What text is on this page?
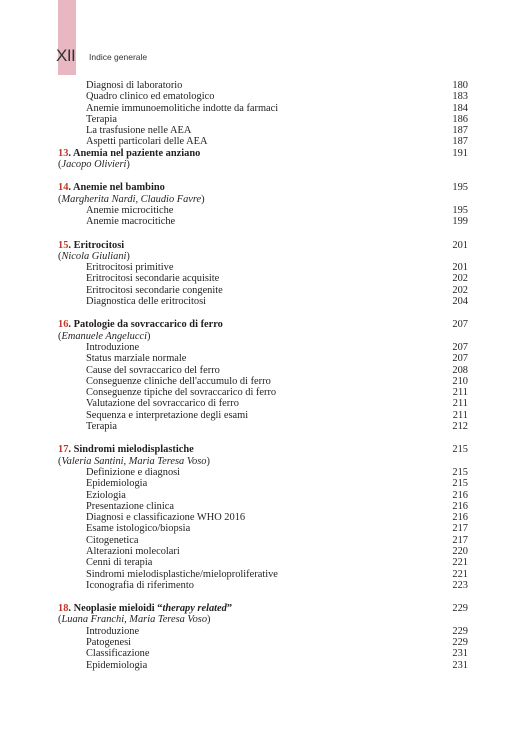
XII Indice generale
Diagnosi di laboratorio	180
Quadro clinico ed ematologico	183
Anemie immunoemolitiche indotte da farmaci	184
Terapia	186
La trasfusione nelle AEA	187
Aspetti particolari delle AEA	187
13. Anemia nel paziente anziano	191
(Jacopo Olivieri)
14. Anemie nel bambino	195
(Margherita Nardi, Claudio Favre)
Anemie microcitiche	195
Anemie macrocitiche	199
15. Eritrocitosi	201
(Nicola Giuliani)
Eritrocitosi primitive	201
Eritrocitosi secondarie acquisite	202
Eritrocitosi secondarie congenite	202
Diagnostica delle eritrocitosi	204
16. Patologie da sovraccarico di ferro	207
(Emanuele Angelucci)
Introduzione	207
Status marziale normale	207
Cause del sovraccarico del ferro	208
Conseguenze cliniche dell'accumulo di ferro	210
Conseguenze tipiche del sovraccarico di ferro	211
Valutazione del sovraccarico di ferro	211
Sequenza e interpretazione degli esami	211
Terapia	212
17. Sindromi mielodisplastiche	215
(Valeria Santini, Maria Teresa Voso)
Definizione e diagnosi	215
Epidemiologia	215
Eziologia	216
Presentazione clinica	216
Diagnosi e classificazione WHO 2016	216
Esame istologico/biopsia	217
Citogenetica	217
Alterazioni molecolari	220
Cenni di terapia	221
Sindromi mielodisplastiche/mieloproliferative	221
Iconografia di riferimento	223
18. Neoplasie mieloidi “therapy related”	229
(Luana Franchi, Maria Teresa Voso)
Introduzione	229
Patogenesi	229
Classificazione	231
Epidemiologia	231
